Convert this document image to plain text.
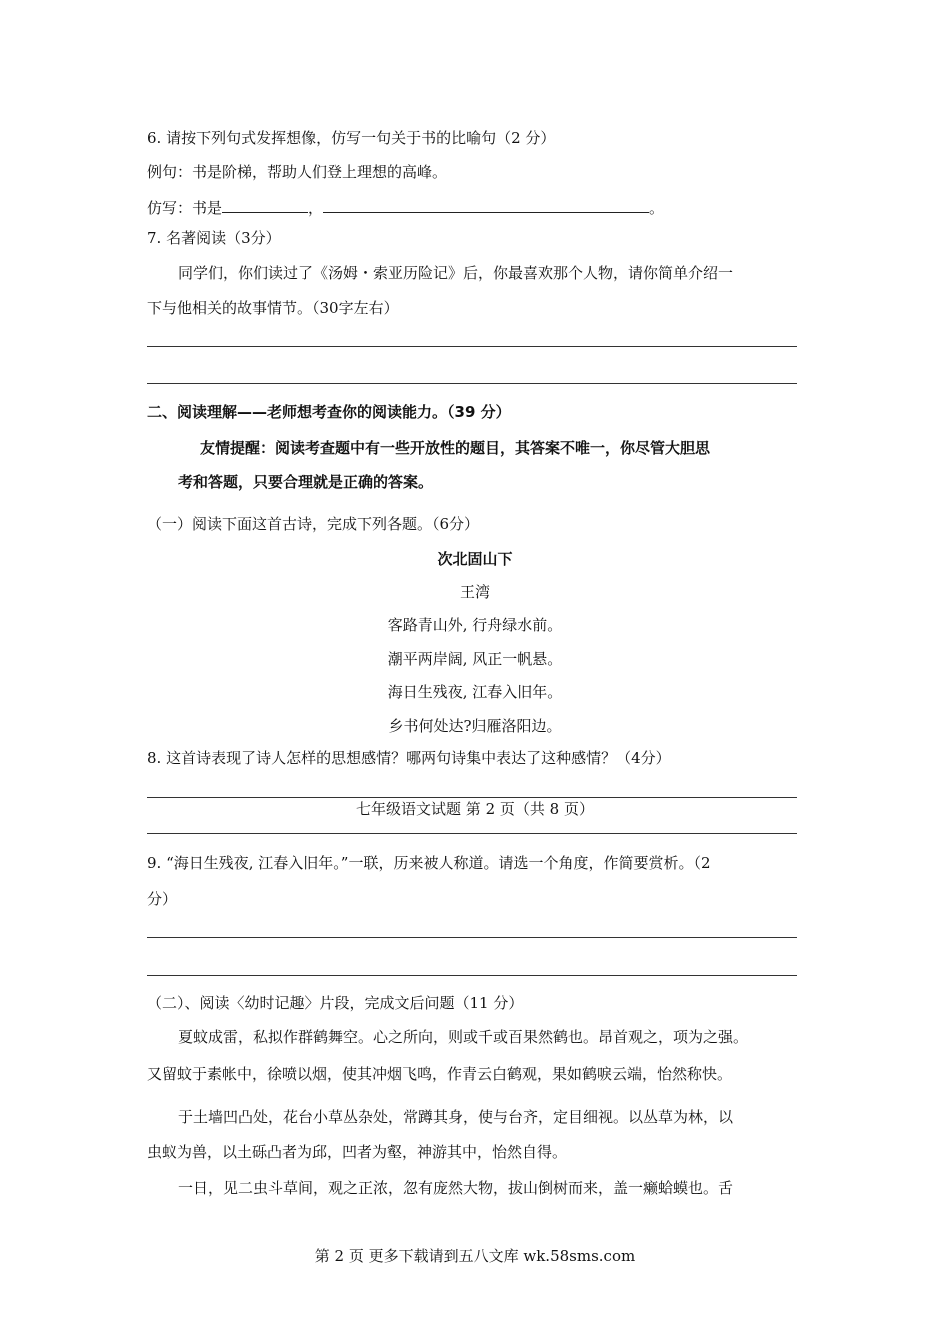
6. 请按下列句式发挥想像，仿写一句关于书的比喻句（2 分）
例句：书是阶梯，帮助人们登上理想的高峰。
仿写：书是	，	。
7. 名著阅读（3分）
同学们，你们读过了《汤姆・索亚历险记》后，你最喜欢那个人物，请你简单介绍一
下与他相关的故事情节。（30字左右）
二、阅读理解——老师想考查你的阅读能力。（39 分）
友情提醒：阅读考查题中有一些开放性的题目，其答案不唯一，你尽管大胆思
考和答题，只要合理就是正确的答案。
（一）阅读下面这首古诗，完成下列各题。（6分）
次北固山下
王湾
客路青山外, 行舟绿水前。
潮平两岸阔, 风正一帆悬。
海日生残夜, 江春入旧年。
乡书何处达?归雁洛阳边。
8. 这首诗表现了诗人怎样的思想感情？哪两句诗集中表达了这种感情？（4分）
七年级语文试题 第 2 页（共 8 页）
9. “海日生残夜, 江春入旧年。”一联，历来被人称道。请选一个角度，作简要赏析。（2
分）
（二）、阅读〈幼时记趣〉片段，完成文后问题（11 分）
夏蚊成雷，私拟作群鹤舞空。心之所向，则或千或百果然鹤也。昂首观之，项为之强。
又留蚊于素帐中，徐喷以烟，使其冲烟飞鸣，作青云白鹤观，果如鹤唳云端，怡然称快。
于土墙凹凸处，花台小草丛杂处，常蹲其身，使与台齐，定目细视。以丛草为林，以
虫蚁为兽，以土砾凸者为邱，凹者为壑，神游其中，怡然自得。
一日，见二虫斗草间，观之正浓，忽有庞然大物，拔山倒树而来，盖一癞蛤蟆也。舌
第 2 页 更多下载请到五八文库 wk.58sms.com
